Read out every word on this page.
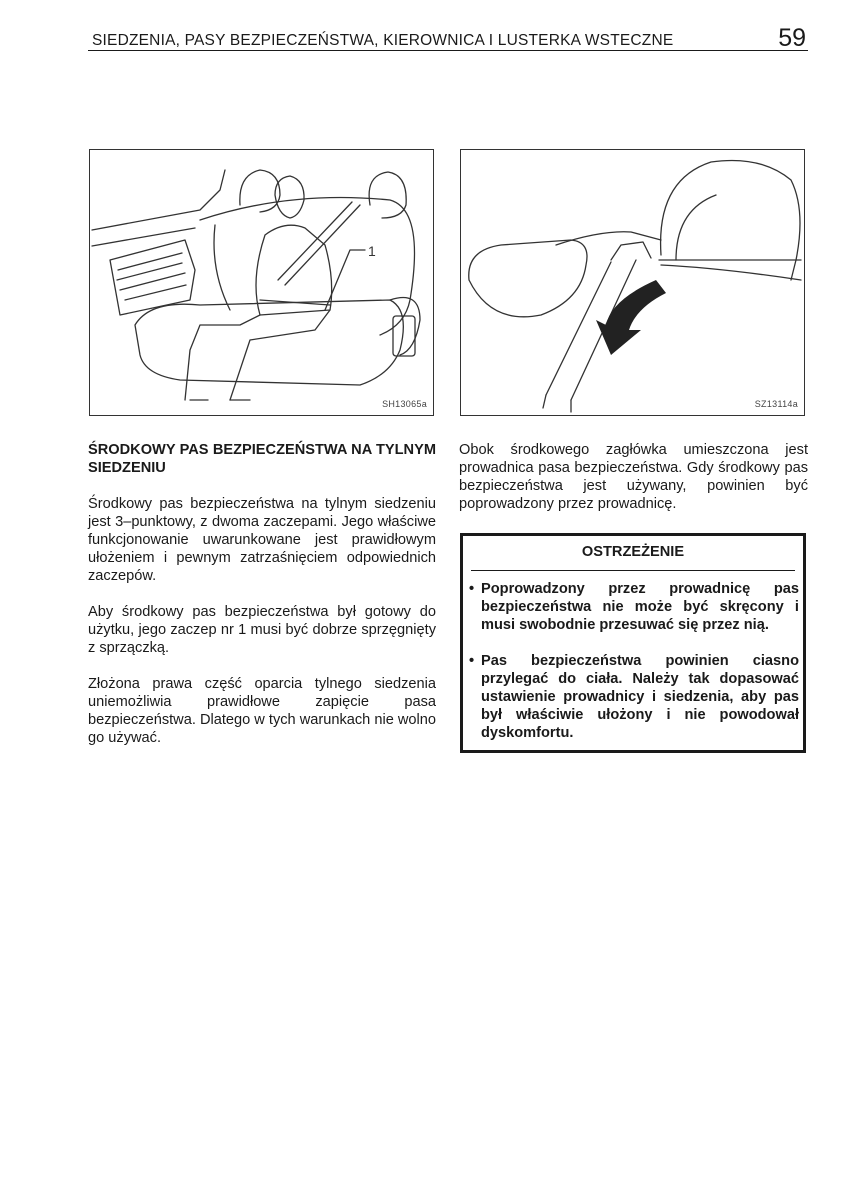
SIEDZENIA, PASY BEZPIECZEŃSTWA, KIEROWNICA I LUSTERKA WSTECZNE	59
1
SH13065a	SZ13114a
ŚRODKOWY PAS BEZPIECZEŃSTWA NA TYLNYM SIEDZENIU

Środkowy pas bezpieczeństwa na tylnym siedzeniu jest 3–punktowy, z dwoma zaczepami. Jego właściwe funkcjonowanie uwarunkowane jest prawidłowym ułożeniem i pewnym zatrzaśnięciem odpowiednich zaczepów.

Aby środkowy pas bezpieczeństwa był gotowy do użytku, jego zaczep nr 1 musi być dobrze sprzęgnięty z sprzączką.

Złożona prawa część oparcia tylnego siedzenia uniemożliwia prawidłowe zapięcie pasa bezpieczeństwa. Dlatego w tych warunkach nie wolno go używać.

Obok środkowego zagłówka umieszczona jest prowadnica pasa bezpieczeństwa. Gdy środkowy pas bezpieczeństwa jest używany, powinien być poprowadzony przez prowadnicę.

OSTRZEŻENIE
• Poprowadzony przez prowadnicę pas bezpieczeństwa nie może być skręcony i musi swobodnie przesuwać się przez nią.
• Pas bezpieczeństwa powinien ciasno przylegać do ciała. Należy tak dopasować ustawienie prowadnicy i siedzenia, aby pas był właściwie ułożony i nie powodował dyskomfortu.
